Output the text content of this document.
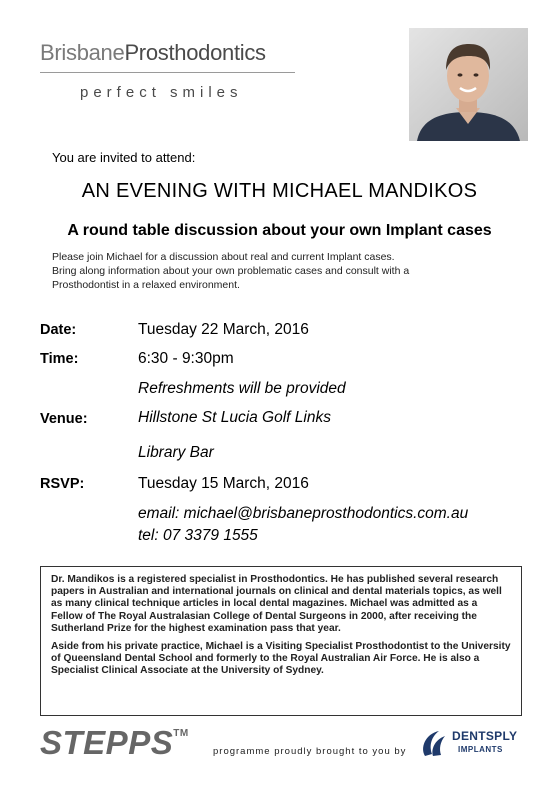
BrisbaneProsthodontics
perfect smiles
You are invited to attend:
AN EVENING WITH MICHAEL MANDIKOS
A round table discussion about your own Implant cases
Please join Michael for a discussion about real and current Implant cases.
Bring along information about your own problematic cases and consult with a
Prosthodontist in a relaxed environment.
Date:	Tuesday 22 March, 2016
Time:	6:30 - 9:30pm
Refreshments will be provided
Venue:	Hillstone St Lucia Golf Links
Library Bar
RSVP:	Tuesday 15 March, 2016
email: michael@brisbaneprosthodontics.com.au
tel: 07 3379 1555

Dr. Mandikos is a registered specialist in Prosthodontics. He has published several research papers in Australian and international journals on clinical and dental materials topics, as well as many clinical technique articles in local dental magazines. Michael was admitted as a Fellow of The Royal Australasian College of Dental Surgeons in 2000, after receiving the Sutherland Prize for the highest examination pass that year.

Aside from his private practice, Michael is a Visiting Specialist Prosthodontist to the University of Queensland Dental School and formerly to the Royal Australian Air Force. He is also a Specialist Clinical Associate at the University of Sydney.

STEPPS™
programme proudly brought to you by
DENTSPLY
IMPLANTS
